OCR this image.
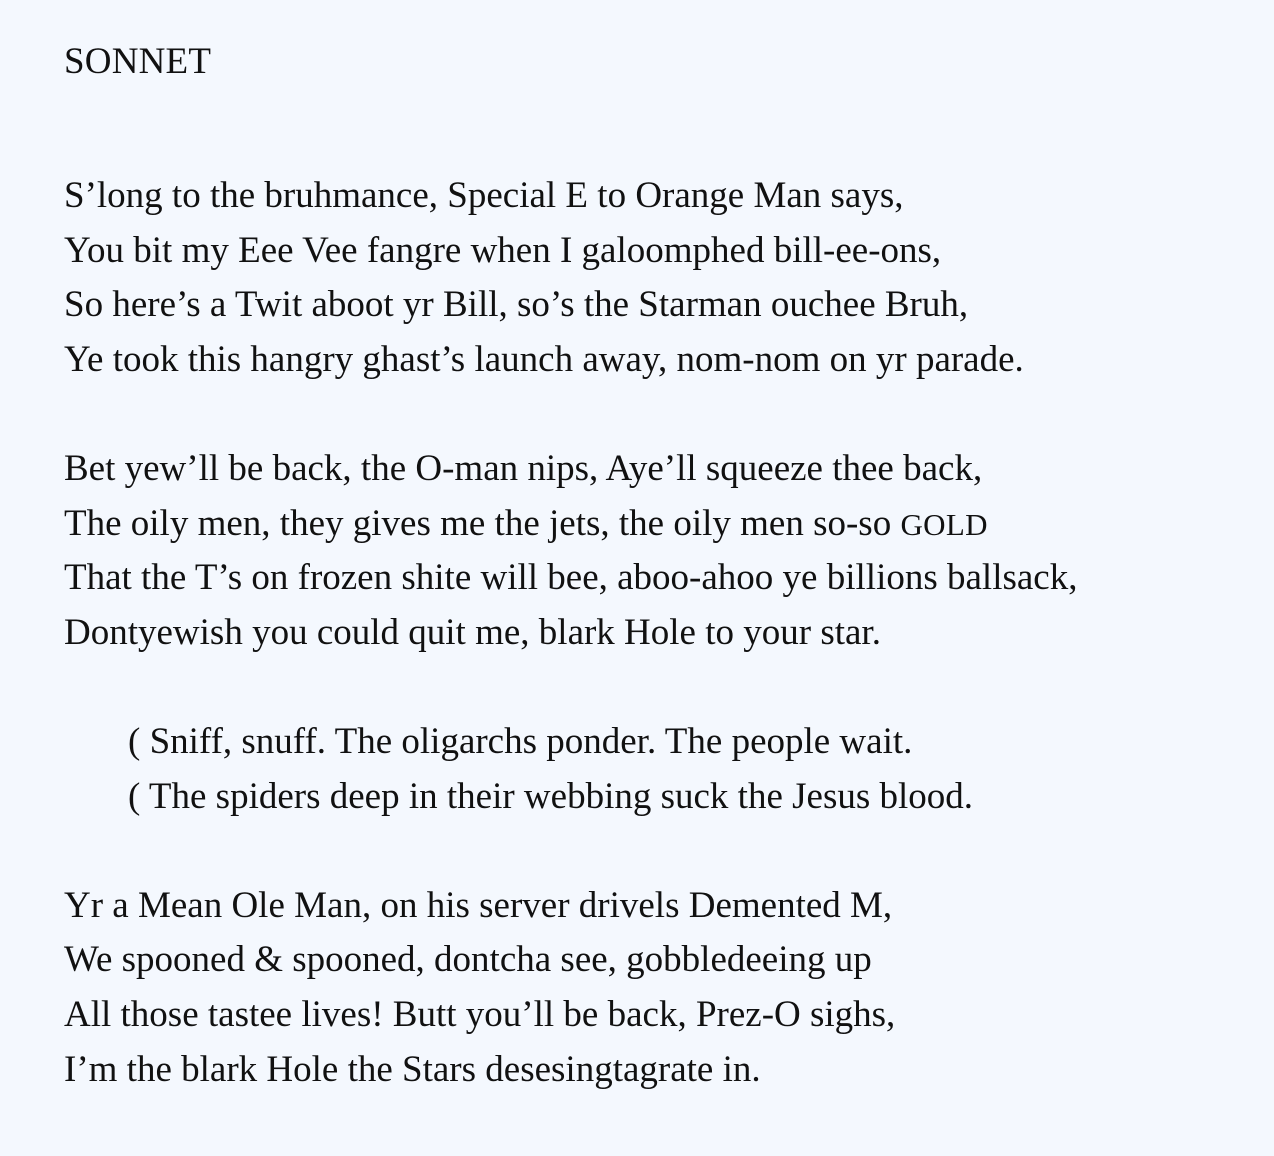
SONNET
S’long to the bruhmance, Special E to Orange Man says,
You bit my Eee Vee fangre when I galoomphed bill-ee-ons,
So here’s a Twit aboot yr Bill, so’s the Starman ouchee Bruh,
Ye took this hangry ghast’s launch away, nom-nom on yr parade.
Bet yew’ll be back, the O-man nips, Aye’ll squeeze thee back,
The oily men, they gives me the jets, the oily men so-so GOLD
That the T’s on frozen shite will bee, aboo-ahoo ye billions ballsack,
Dontyewish you could quit me, blark Hole to your star.
( Sniff, snuff. The oligarchs ponder. The people wait.
( The spiders deep in their webbing suck the Jesus blood.
Yr a Mean Ole Man, on his server drivels Demented M,
We spooned & spooned, dontcha see, gobbledeeing up
All those tastee lives! Butt you’ll be back, Prez-O sighs,
I’m the blark Hole the Stars desesingtagrate in.
